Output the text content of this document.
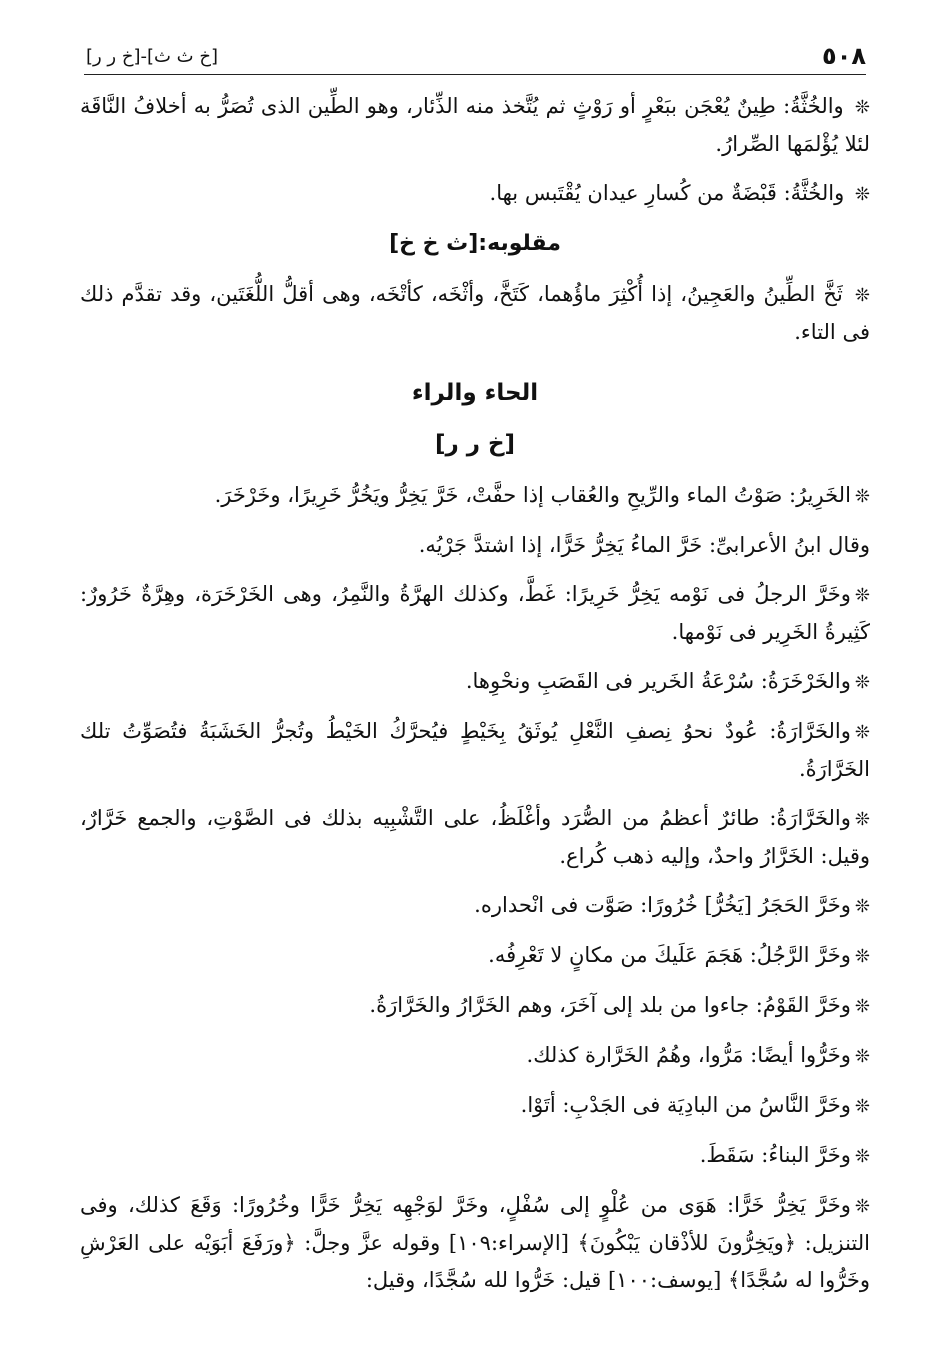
٥٠٨
[خ ث ث]-[خ ر ر]

❊ والخُثَّةُ: طِينٌ يُعْجَن ببَعْرٍ أو رَوْثٍ ثم يُتَّخذ منه الذِّئار، وهو الطِّين الذى تُصَرُّ به أخلافُ النَّاقَة لئلا يُؤْلمَها الصِّرارُ.

❊ والخُثَّةُ: قَبْضَةٌ من كُسارِ عيدان يُقْتَبس بها.

مقلوبه:[ث خ خ]

❊ ثَخَّ الطِّينُ والعَجِينُ، إذا أُكْثِرَ ماؤُهما، كَتَخَّ، وأثْخَه، كأتْخَه، وهى أقلُّ اللُّغَتَين، وقد تقدَّم ذلك فى التاء.

الحاء والراء
[خ ر ر]

❊الخَرِيرُ: صَوْتُ الماء والرِّيحِ والعُقاب إذا حفَّتْ، خَرَّ يَخِرُّ ويَخُرُّ خَرِيرًا، وخَرْخَرَ.

وقال ابنُ الأعرابىِّ: خَرَّ الماءُ يَخِرُّ خَرًّا، إذا اشتدَّ جَرْيُه.

❊وخَرَّ الرجلُ فى نَوْمه يَخِرُّ خَرِيرًا: غَطَّ، وكذلك الهرَّةُ والنَّمِرُ، وهى الخَرْخَرَة، وهِرَّةٌ خَرُورٌ: كَثِيرةُ الخَرِير فى نَوْمها.

❊والخَرْخَرَةُ: سُرْعَةُ الخَرير فى القَصَبِ ونحْوِها.

❊والخَرَّارَةُ: عُودٌ نحوُ نِصفِ النَّعْلِ يُوثَقُ بِخَيْطٍ فيُحرَّكُ الخَيْطُ وتُجرُّ الخَشَبَةُ فتُصَوِّتُ تلك الخَرَّارَةُ.

❊والخَرَّارَةُ: طائرٌ أعظمُ من الصُّرَد وأغْلَظُ، على التَّشْبِيه بذلك فى الصَّوْتِ، والجمع خَرَّارٌ، وقيل: الخَرَّارُ واحدٌ، وإليه ذهب كُراع.

❊وخَرَّ الحَجَرُ [يَخُرُّ] خُرُورًا: صَوَّت فى انْحداره.

❊وخَرَّ الرَّجُلُ: هَجَمَ عَلَيكَ من مكانٍ لا تَعْرِفُه.

❊وخَرَّ القَوْمُ: جاءوا من بلد إلى آخَرَ، وهم الخَرَّارُ والخَرَّارَةُ.

❊وخَرُّوا أيضًا: مَرُّوا، وهُمُ الخَرَّارة كذلك.

❊وخَرَّ النَّاسُ من البادِيَة فى الجَدْبِ: أتَوْا.

❊وخَرَّ البناءُ: سَقَطَ.

❊وخَرَّ يَخِرُّ خَرًّا: هَوَى من عُلْوٍ إلى سُفْلٍ، وخَرَّ لوَجْهِه يَخِرُّ خَرًّا وخُرُورًا: وَقَعَ كذلك، وفى التنزيل: ﴿ويَخِرُّونَ للأذْقان يَبْكُونَ﴾ [الإسراء:١٠٩] وقوله عزَّ وجلَّ: ﴿ورَفَعَ أبَوَيْه على العَرْشِ وخَرُّوا له سُجَّدًا﴾ [يوسف:١٠٠] قيل: خَرُّوا لله سُجَّدًا، وقيل:
